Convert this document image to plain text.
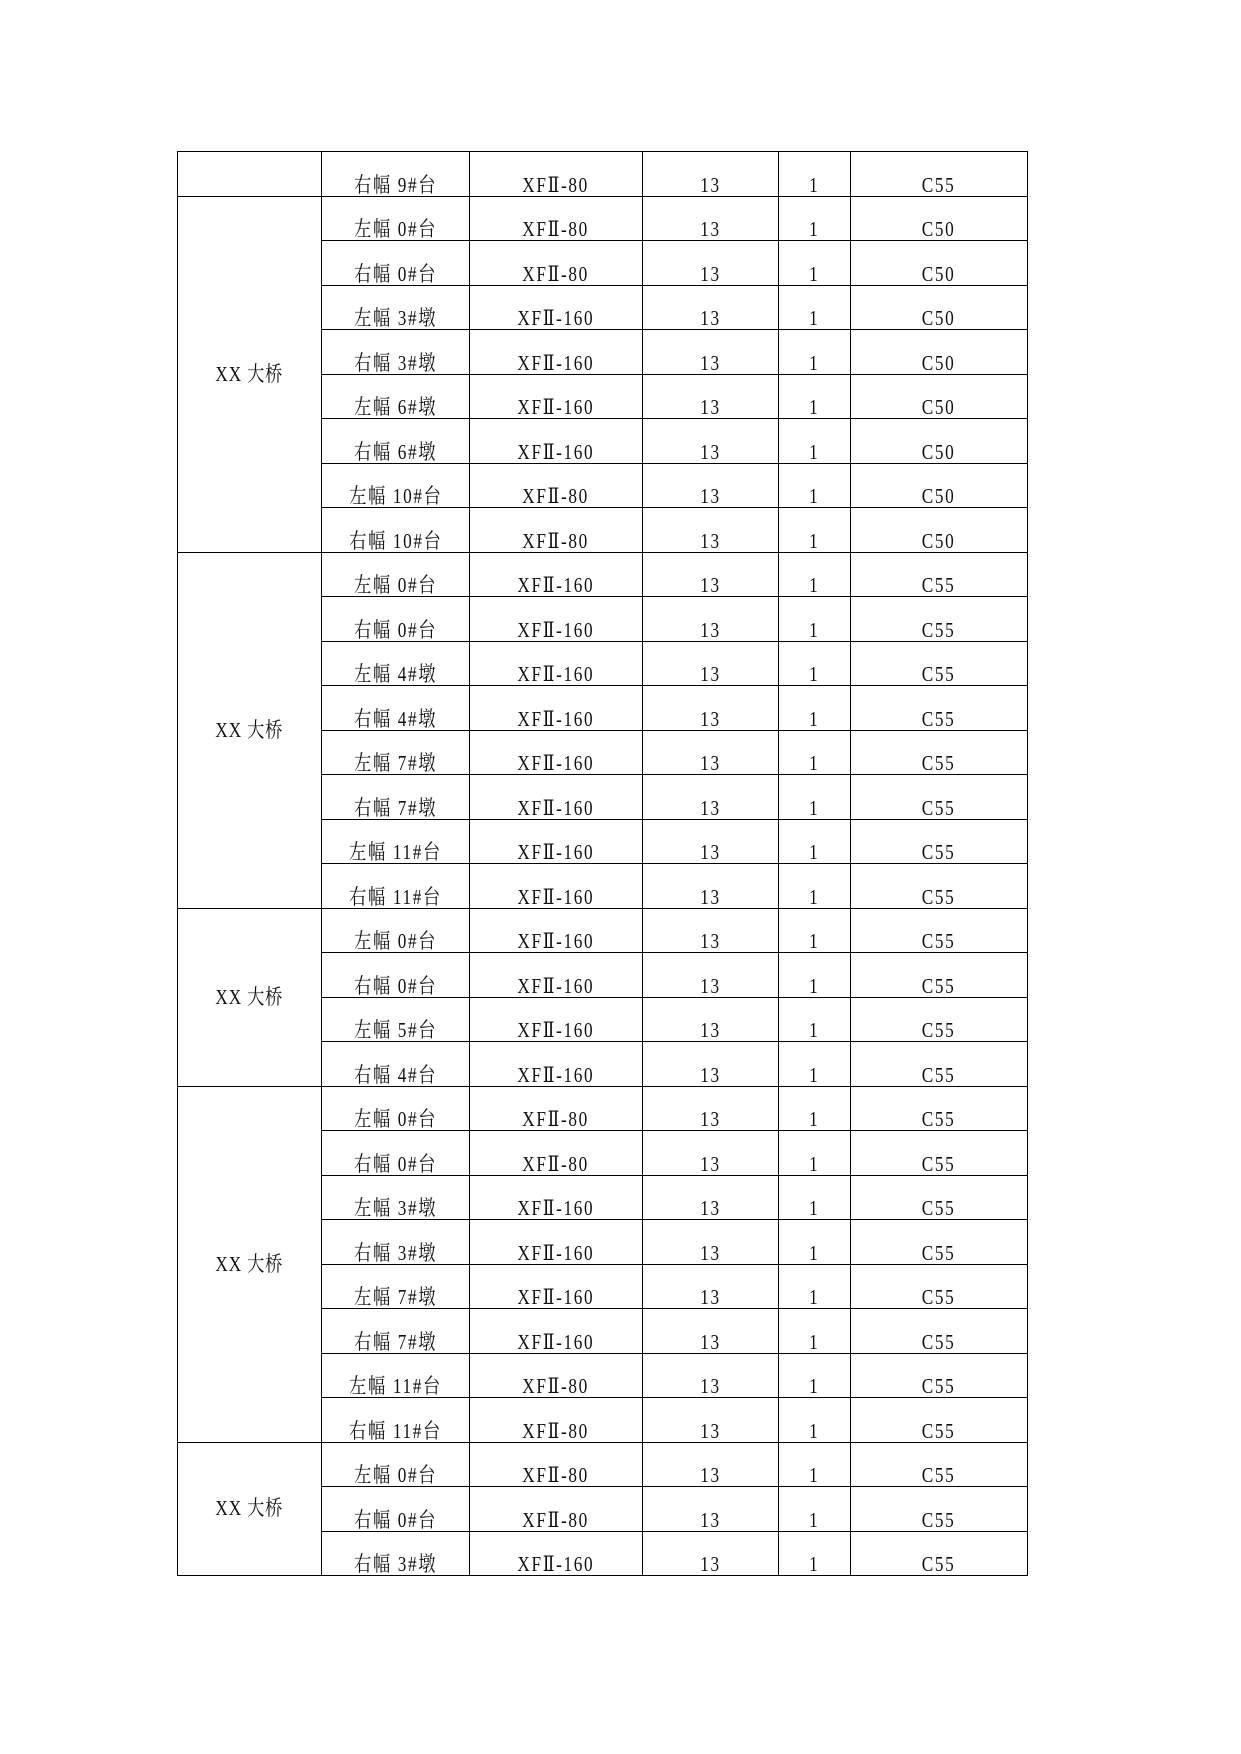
	右幅 9#台	XFⅡ-80	13	1	C55
XX 大桥	左幅 0#台	XFⅡ-80	13	1	C50
	右幅 0#台	XFⅡ-80	13	1	C50
	左幅 3#墩	XFⅡ-160	13	1	C50
	右幅 3#墩	XFⅡ-160	13	1	C50
	左幅 6#墩	XFⅡ-160	13	1	C50
	右幅 6#墩	XFⅡ-160	13	1	C50
	左幅 10#台	XFⅡ-80	13	1	C50
	右幅 10#台	XFⅡ-80	13	1	C50
XX 大桥	左幅 0#台	XFⅡ-160	13	1	C55
	右幅 0#台	XFⅡ-160	13	1	C55
	左幅 4#墩	XFⅡ-160	13	1	C55
	右幅 4#墩	XFⅡ-160	13	1	C55
	左幅 7#墩	XFⅡ-160	13	1	C55
	右幅 7#墩	XFⅡ-160	13	1	C55
	左幅 11#台	XFⅡ-160	13	1	C55
	右幅 11#台	XFⅡ-160	13	1	C55
XX 大桥	左幅 0#台	XFⅡ-160	13	1	C55
	右幅 0#台	XFⅡ-160	13	1	C55
	左幅 5#台	XFⅡ-160	13	1	C55
	右幅 4#台	XFⅡ-160	13	1	C55
XX 大桥	左幅 0#台	XFⅡ-80	13	1	C55
	右幅 0#台	XFⅡ-80	13	1	C55
	左幅 3#墩	XFⅡ-160	13	1	C55
	右幅 3#墩	XFⅡ-160	13	1	C55
	左幅 7#墩	XFⅡ-160	13	1	C55
	右幅 7#墩	XFⅡ-160	13	1	C55
	左幅 11#台	XFⅡ-80	13	1	C55
	右幅 11#台	XFⅡ-80	13	1	C55
XX 大桥	左幅 0#台	XFⅡ-80	13	1	C55
	右幅 0#台	XFⅡ-80	13	1	C55
	右幅 3#墩	XFⅡ-160	13	1	C55
